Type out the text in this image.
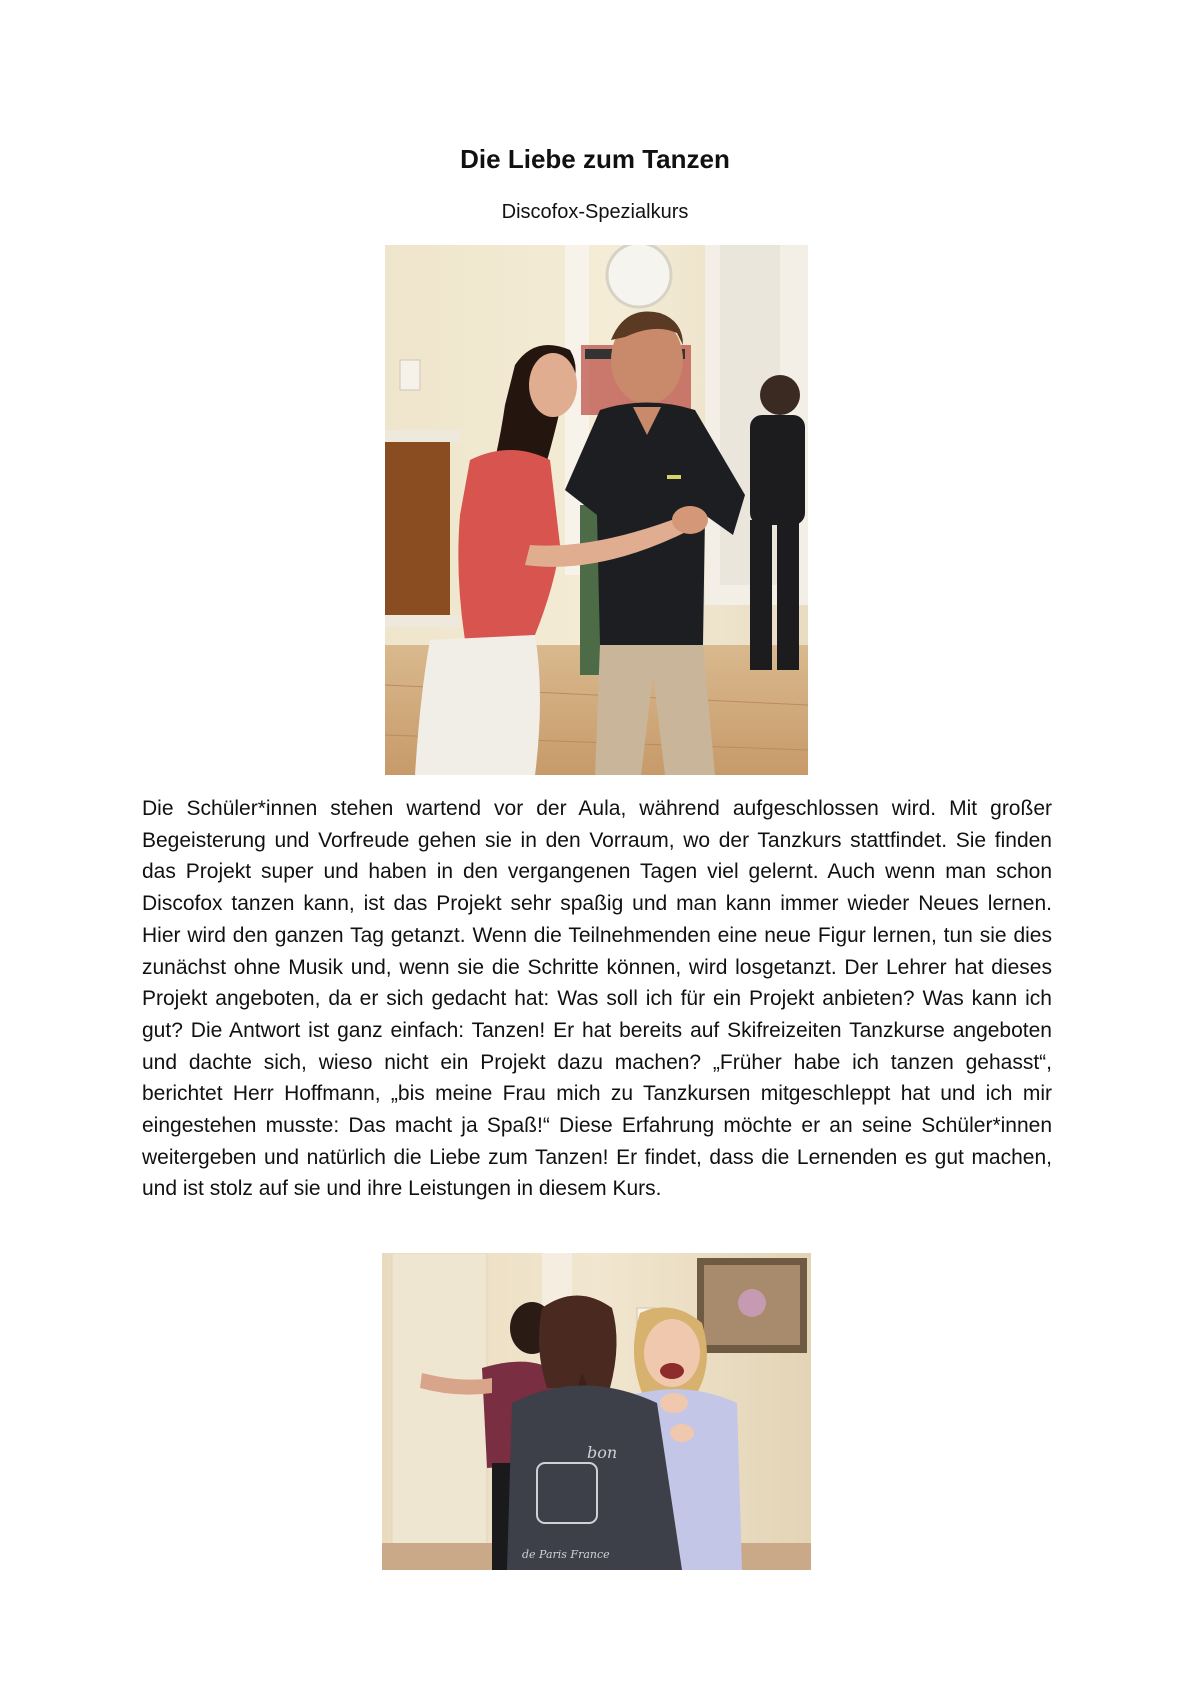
Die Liebe zum Tanzen

Discofox-Spezialkurs

Die Schüler*innen stehen wartend vor der Aula, während aufgeschlossen wird. Mit großer Begeisterung und Vorfreude gehen sie in den Vorraum, wo der Tanzkurs stattfindet. Sie finden das Projekt super und haben in den vergangenen Tagen viel gelernt. Auch wenn man schon Discofox tanzen kann, ist das Projekt sehr spaßig und man kann immer wieder Neues lernen. Hier wird den ganzen Tag getanzt. Wenn die Teilnehmenden eine neue Figur lernen, tun sie dies zunächst ohne Musik und, wenn sie die Schritte können, wird losgetanzt. Der Lehrer hat dieses Projekt angeboten, da er sich gedacht hat: Was soll ich für ein Projekt anbieten? Was kann ich gut? Die Antwort ist ganz einfach: Tanzen! Er hat bereits auf Skifreizeiten Tanzkurse angeboten und dachte sich, wieso nicht ein Projekt dazu machen? „Früher habe ich tanzen gehasst“, berichtet Herr Hoffmann, „bis meine Frau mich zu Tanzkursen mitgeschleppt hat und ich mir eingestehen musste: Das macht ja Spaß!“ Diese Erfahrung möchte er an seine Schüler*innen weitergeben und natürlich die Liebe zum Tanzen! Er findet, dass die Lernenden es gut machen, und ist stolz auf sie und ihre Leistungen in diesem Kurs.

bon
de Paris France
